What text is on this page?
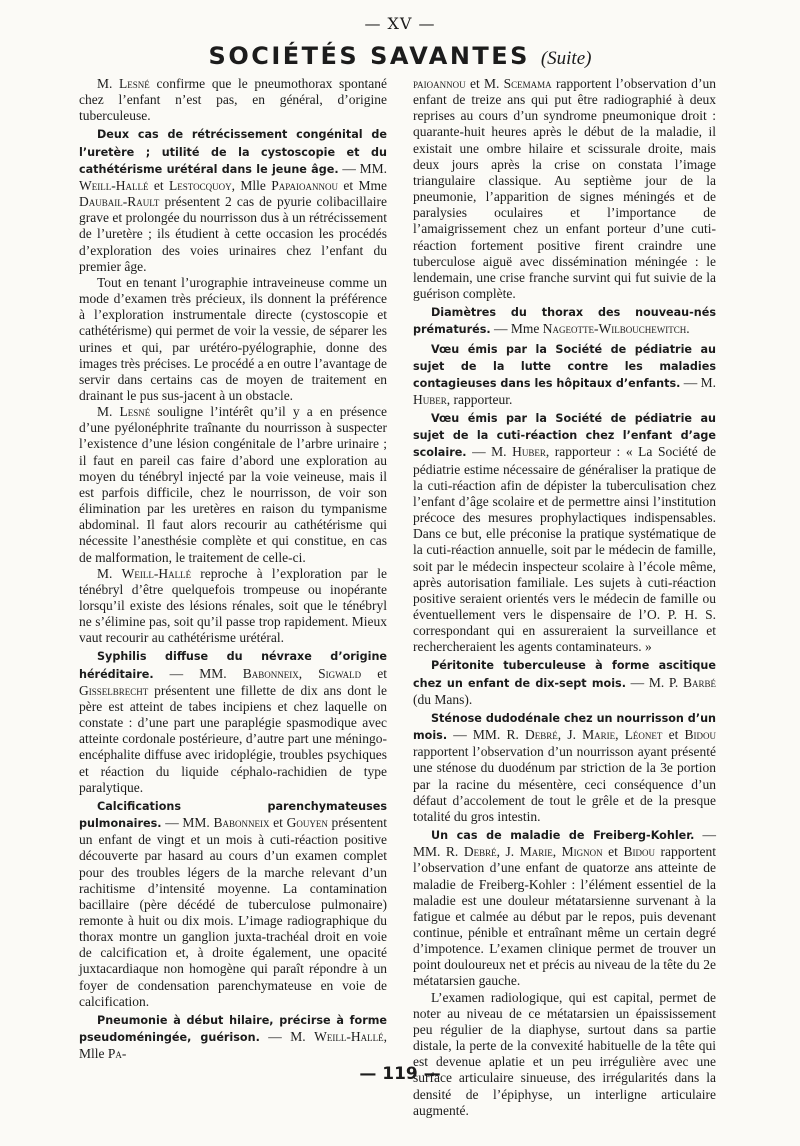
— XV —
SOCIÉTÉS SAVANTES (Suite)

M. Lesné confirme que le pneumothorax spontané chez l’enfant n’est pas, en général, d’origine tuberculeuse.

Deux cas de rétrécissement congénital de l’uretère ; utilité de la cystoscopie et du cathétérisme urétéral dans le jeune âge. — MM. Weill-Hallé et Lestocquoy, Mlle Papaioannou et Mme Daubail-Rault présentent 2 cas de pyurie colibacillaire grave et prolongée du nourrisson dus à un rétrécissement de l’uretère ; ils étudient à cette occasion les procédés d’exploration des voies urinaires chez l’enfant du premier âge.

Tout en tenant l’urographie intraveineuse comme un mode d’examen très précieux, ils donnent la préférence à l’exploration instrumentale directe (cystoscopie et cathétérisme) qui permet de voir la vessie, de séparer les urines et qui, par urétéro-pyélographie, donne des images très précises. Le procédé a en outre l’avantage de servir dans certains cas de moyen de traitement en drainant le pus sus-jacent à un obstacle.

M. Lesné souligne l’intérêt qu’il y a en présence d’une pyélonéphrite traînante du nourrisson à suspecter l’existence d’une lésion congénitale de l’arbre urinaire ; il faut en pareil cas faire d’abord une exploration au moyen du ténébryl injecté par la voie veineuse, mais il est parfois difficile, chez le nourrisson, de voir son élimination par les uretères en raison du tympanisme abdominal. Il faut alors recourir au cathétérisme qui nécessite l’anesthésie complète et qui constitue, en cas de malformation, le traitement de celle-ci.

M. Weill-Hallé reproche à l’exploration par le ténébryl d’être quelquefois trompeuse ou inopérante lorsqu’il existe des lésions rénales, soit que le ténébryl ne s’élimine pas, soit qu’il passe trop rapidement. Mieux vaut recourir au cathétérisme urétéral.

Syphilis diffuse du névraxe d’origine héréditaire. — MM. Babonneix, Sigwald et Gisselbrecht présentent une fillette de dix ans dont le père est atteint de tabes incipiens et chez laquelle on constate : d’une part une paraplégie spasmodique avec atteinte cordonale postérieure, d’autre part une méningo-encéphalite diffuse avec iridoplégie, troubles psychiques et réaction du liquide céphalo-rachidien de type paralytique.

Calcifications parenchymateuses pulmonaires. — MM. Babonneix et Gouyen présentent un enfant de vingt et un mois à cuti-réaction positive découverte par hasard au cours d’un examen complet pour des troubles légers de la marche relevant d’un rachitisme d’intensité moyenne. La contamination bacillaire (père décédé de tuberculose pulmonaire) remonte à huit ou dix mois. L’image radiographique du thorax montre un ganglion juxta-trachéal droit en voie de calcification et, à droite également, une opacité juxtacardiaque non homogène qui paraît répondre à un foyer de condensation parenchymateuse en voie de calcification.

Pneumonie à début hilaire, précirse à forme pseudoméningée, guérison. — M. Weill-Hallé, Mlle Pa-

paioannou et M. Scemama rapportent l’observation d’un enfant de treize ans qui put être radiographié à deux reprises au cours d’un syndrome pneumonique droit : quarante-huit heures après le début de la maladie, il existait une ombre hilaire et scissurale droite, mais deux jours après la crise on constata l’image triangulaire classique. Au septième jour de la pneumonie, l’apparition de signes méningés et de paralysies oculaires et l’importance de l’amaigrissement chez un enfant porteur d’une cuti-réaction fortement positive firent craindre une tuberculose aiguë avec dissémination méningée : le lendemain, une crise franche survint qui fut suivie de la guérison complète.

Diamètres du thorax des nouveau-nés prématurés. — Mme Nageotte-Wilbouchewitch.

Vœu émis par la Société de pédiatrie au sujet de la lutte contre les maladies contagieuses dans les hôpitaux d’enfants. — M. Huber, rapporteur.

Vœu émis par la Société de pédiatrie au sujet de la cuti-réaction chez l’enfant d’age scolaire. — M. Huber, rapporteur : « La Société de pédiatrie estime nécessaire de généraliser la pratique de la cuti-réaction afin de dépister la tuberculisation chez l’enfant d’âge scolaire et de permettre ainsi l’institution précoce des mesures prophylactiques indispensables. Dans ce but, elle préconise la pratique systématique de la cuti-réaction annuelle, soit par le médecin de famille, soit par le médecin inspecteur scolaire à l’école même, après autorisation familiale. Les sujets à cuti-réaction positive seraient orientés vers le médecin de famille ou éventuellement vers le dispensaire de l’O. P. H. S. correspondant qui en assureraient la surveillance et rechercheraient les agents contaminateurs. »

Péritonite tuberculeuse à forme ascitique chez un enfant de dix-sept mois. — M. P. Barbé (du Mans).

Sténose dudodénale chez un nourrisson d’un mois. — MM. R. Debré, J. Marie, Léonet et Bidou rapportent l’observation d’un nourrisson ayant présenté une sténose du duodénum par striction de la 3e portion par la racine du mésentère, ceci conséquence d’un défaut d’accolement de tout le grêle et de la presque totalité du gros intestin.

Un cas de maladie de Freiberg-Kohler. — MM. R. Debré, J. Marie, Mignon et Bidou rapportent l’observation d’une enfant de quatorze ans atteinte de maladie de Freiberg-Kohler : l’élément essentiel de la maladie est une douleur métatarsienne survenant à la fatigue et calmée au début par le repos, puis devenant continue, pénible et entraînant même un certain degré d’impotence. L’examen clinique permet de trouver un point douloureux net et précis au niveau de la tête du 2e métatarsien gauche.

L’examen radiologique, qui est capital, permet de noter au niveau de ce métatarsien un épaississement peu régulier de la diaphyse, surtout dans sa partie distale, la perte de la convexité habituelle de la tête qui est devenue aplatie et un peu irrégulière avec une surface articulaire sinueuse, des irrégularités dans la densité de l’épiphyse, un interligne articulaire augmenté.

— 119 —
